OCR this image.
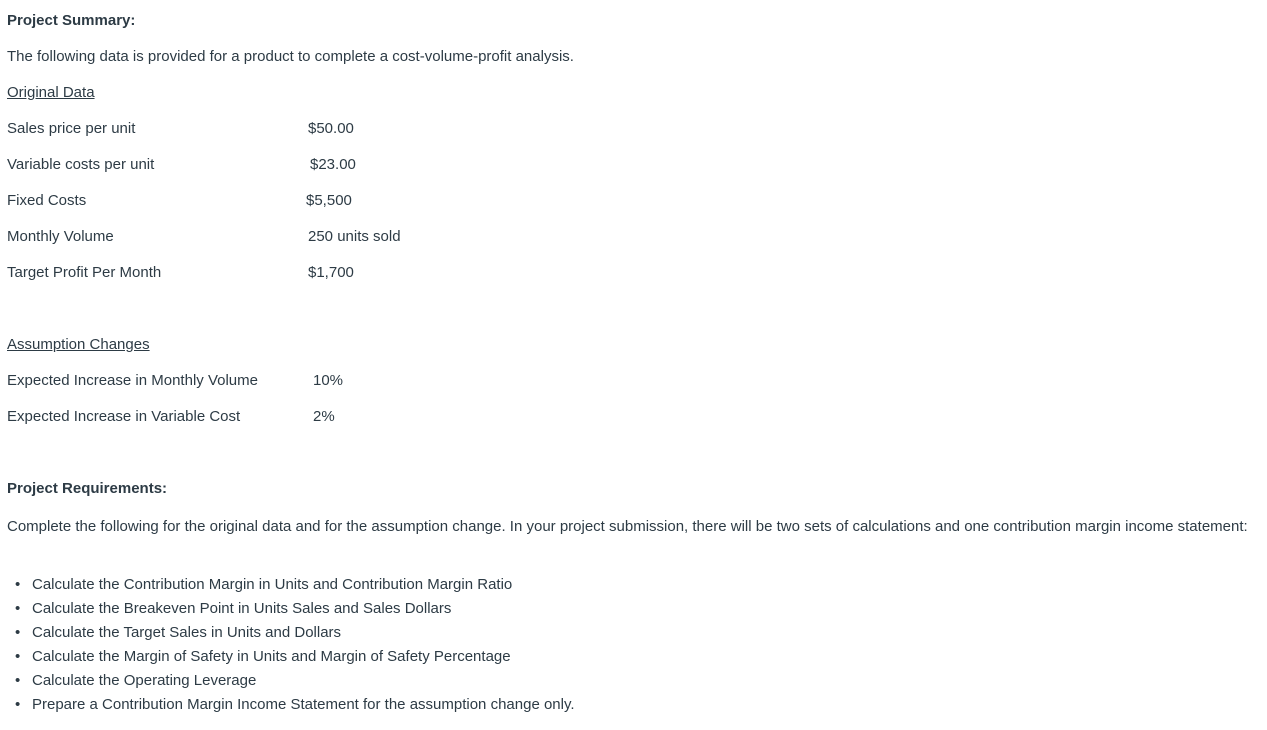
Project Summary:
The following data is provided for a product to complete a cost-volume-profit analysis.
Original Data
Sales price per unit	$50.00
Variable costs per unit	$23.00
Fixed Costs	$5,500
Monthly Volume	250 units sold
Target Profit Per Month	$1,700
Assumption Changes
Expected Increase in Monthly Volume	10%
Expected Increase in Variable Cost	2%
Project Requirements:
Complete the following for the original data and for the assumption change. In your project submission, there will be two sets of calculations and one contribution margin income statement:
• Calculate the Contribution Margin in Units and Contribution Margin Ratio
• Calculate the Breakeven Point in Units Sales and Sales Dollars
• Calculate the Target Sales in Units and Dollars
• Calculate the Margin of Safety in Units and Margin of Safety Percentage
• Calculate the Operating Leverage
• Prepare a Contribution Margin Income Statement for the assumption change only.
